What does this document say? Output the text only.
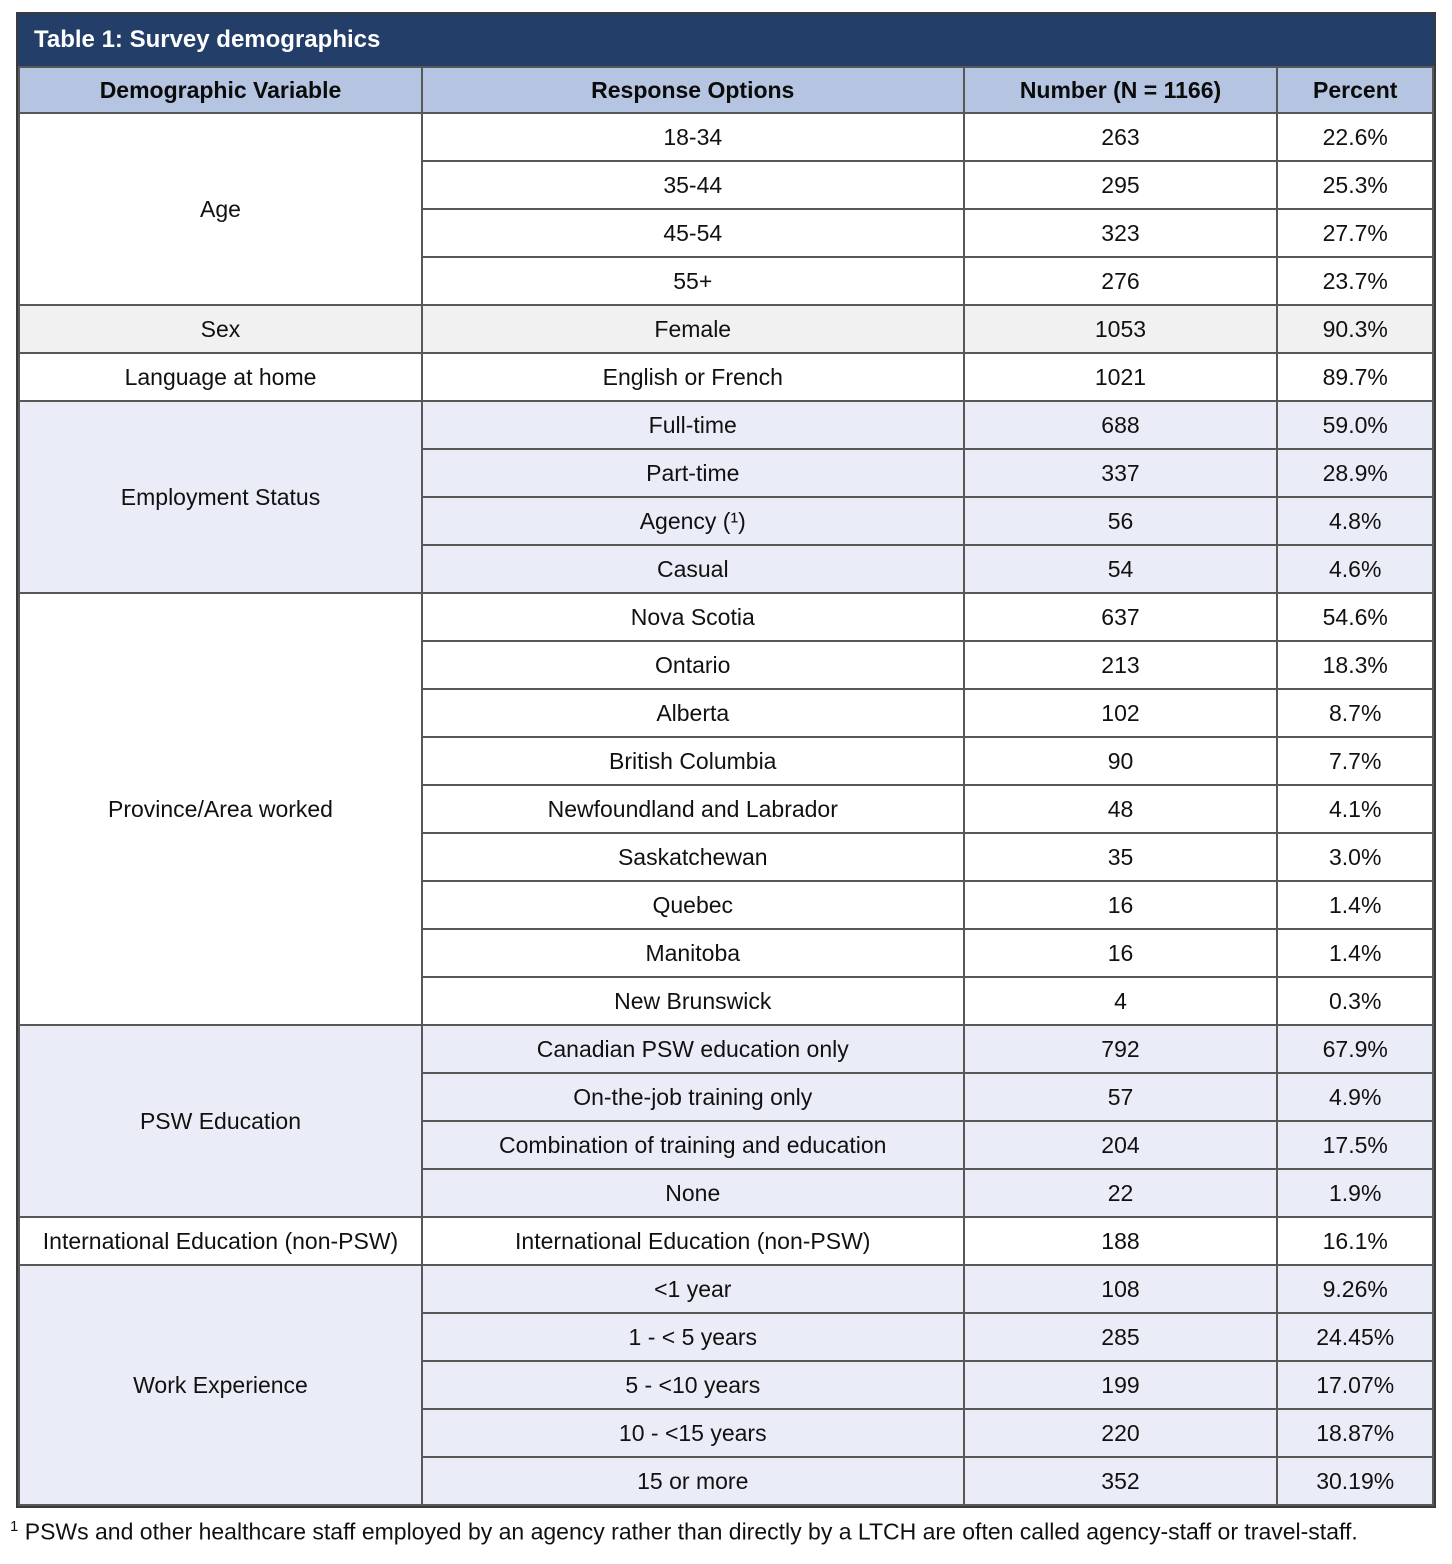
Table 1: Survey demographics
Demographic Variable	Response Options	Number (N = 1166)	Percent
Age	18-34	263	22.6%
	35-44	295	25.3%
	45-54	323	27.7%
	55+	276	23.7%
Sex	Female	1053	90.3%
Language at home	English or French	1021	89.7%
Employment Status	Full-time	688	59.0%
	Part-time	337	28.9%
	Agency (¹)	56	4.8%
	Casual	54	4.6%
Province/Area worked	Nova Scotia	637	54.6%
	Ontario	213	18.3%
	Alberta	102	8.7%
	British Columbia	90	7.7%
	Newfoundland and Labrador	48	4.1%
	Saskatchewan	35	3.0%
	Quebec	16	1.4%
	Manitoba	16	1.4%
	New Brunswick	4	0.3%
PSW Education	Canadian PSW education only	792	67.9%
	On-the-job training only	57	4.9%
	Combination of training and education	204	17.5%
	None	22	1.9%
International Education (non-PSW)	International Education (non-PSW)	188	16.1%
Work Experience	<1 year	108	9.26%
	1 - < 5 years	285	24.45%
	5 - <10 years	199	17.07%
	10 - <15 years	220	18.87%
	15 or more	352	30.19%

$^1$ PSWs and other healthcare staff employed by an agency rather than directly by a LTCH are often called agency-staff or travel-staff.
